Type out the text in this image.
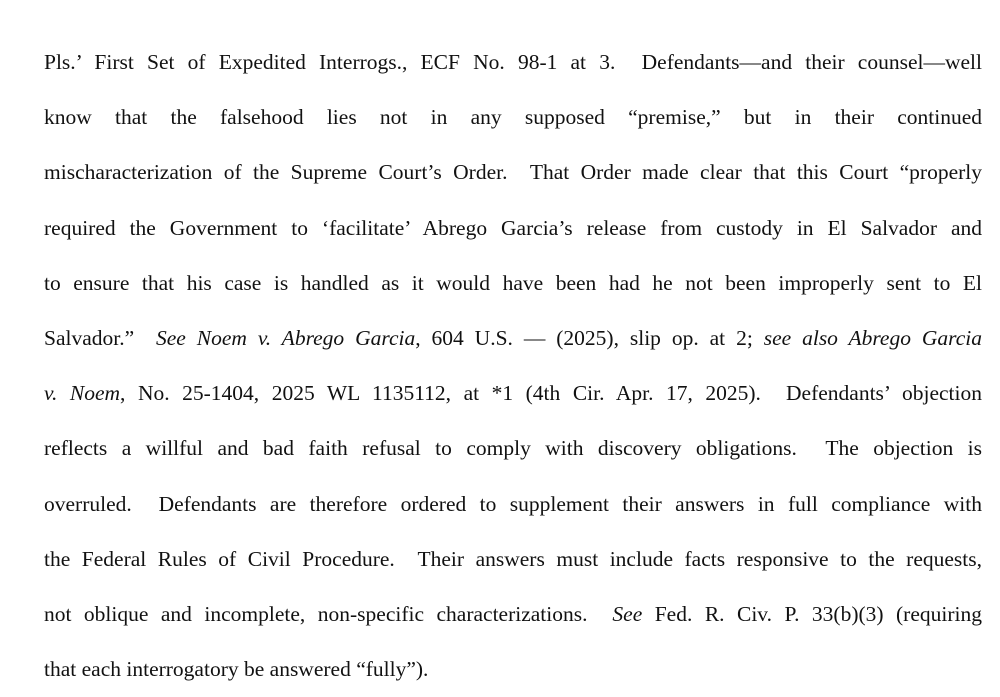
Pls.’ First Set of Expedited Interrogs., ECF No. 98-1 at 3.  Defendants—and their counsel—well
know that the falsehood lies not in any supposed “premise,” but in their continued
mischaracterization of the Supreme Court’s Order.  That Order made clear that this Court “properly
required the Government to ‘facilitate’ Abrego Garcia’s release from custody in El Salvador and
to ensure that his case is handled as it would have been had he not been improperly sent to El
Salvador.”  See Noem v. Abrego Garcia, 604 U.S. — (2025), slip op. at 2; see also Abrego Garcia
v. Noem, No. 25-1404, 2025 WL 1135112, at *1 (4th Cir. Apr. 17, 2025).  Defendants’ objection
reflects a willful and bad faith refusal to comply with discovery obligations.  The objection is
overruled.  Defendants are therefore ordered to supplement their answers in full compliance with
the Federal Rules of Civil Procedure.  Their answers must include facts responsive to the requests,
not oblique and incomplete, non-specific characterizations.  See Fed. R. Civ. P. 33(b)(3) (requiring
that each interrogatory be answered “fully”).
